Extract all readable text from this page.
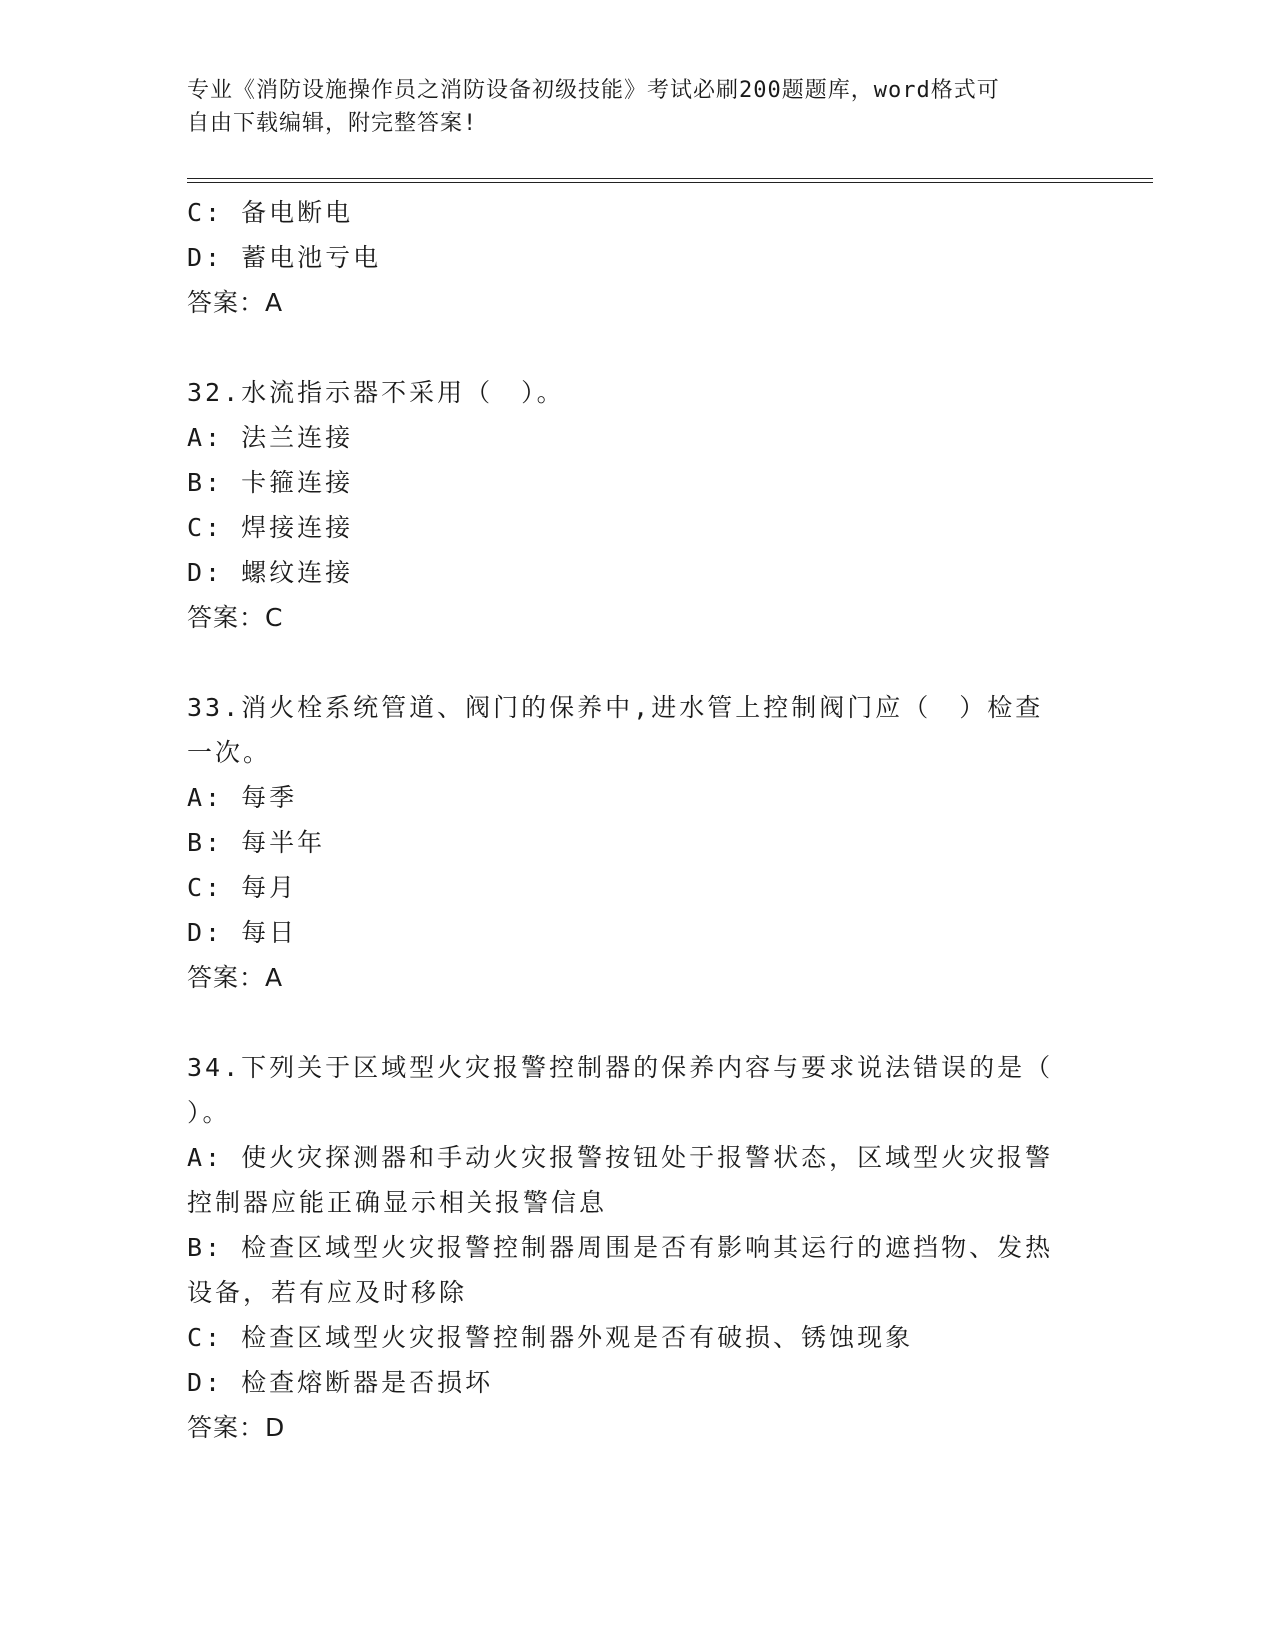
专业《消防设施操作员之消防设备初级技能》考试必刷200题题库，word格式可
自由下载编辑，附完整答案!
C: 备电断电
D: 蓄电池亏电
答案：A
32.水流指示器不采用（　）。
A: 法兰连接
B: 卡箍连接
C: 焊接连接
D: 螺纹连接
答案：C
33.消火栓系统管道、阀门的保养中,进水管上控制阀门应（　）检查
一次。
A: 每季
B: 每半年
C: 每月
D: 每日
答案：A
34.下列关于区域型火灾报警控制器的保养内容与要求说法错误的是（
）。
A: 使火灾探测器和手动火灾报警按钮处于报警状态，区域型火灾报警
控制器应能正确显示相关报警信息
B: 检查区域型火灾报警控制器周围是否有影响其运行的遮挡物、发热
设备，若有应及时移除
C: 检查区域型火灾报警控制器外观是否有破损、锈蚀现象
D: 检查熔断器是否损坏
答案：D
